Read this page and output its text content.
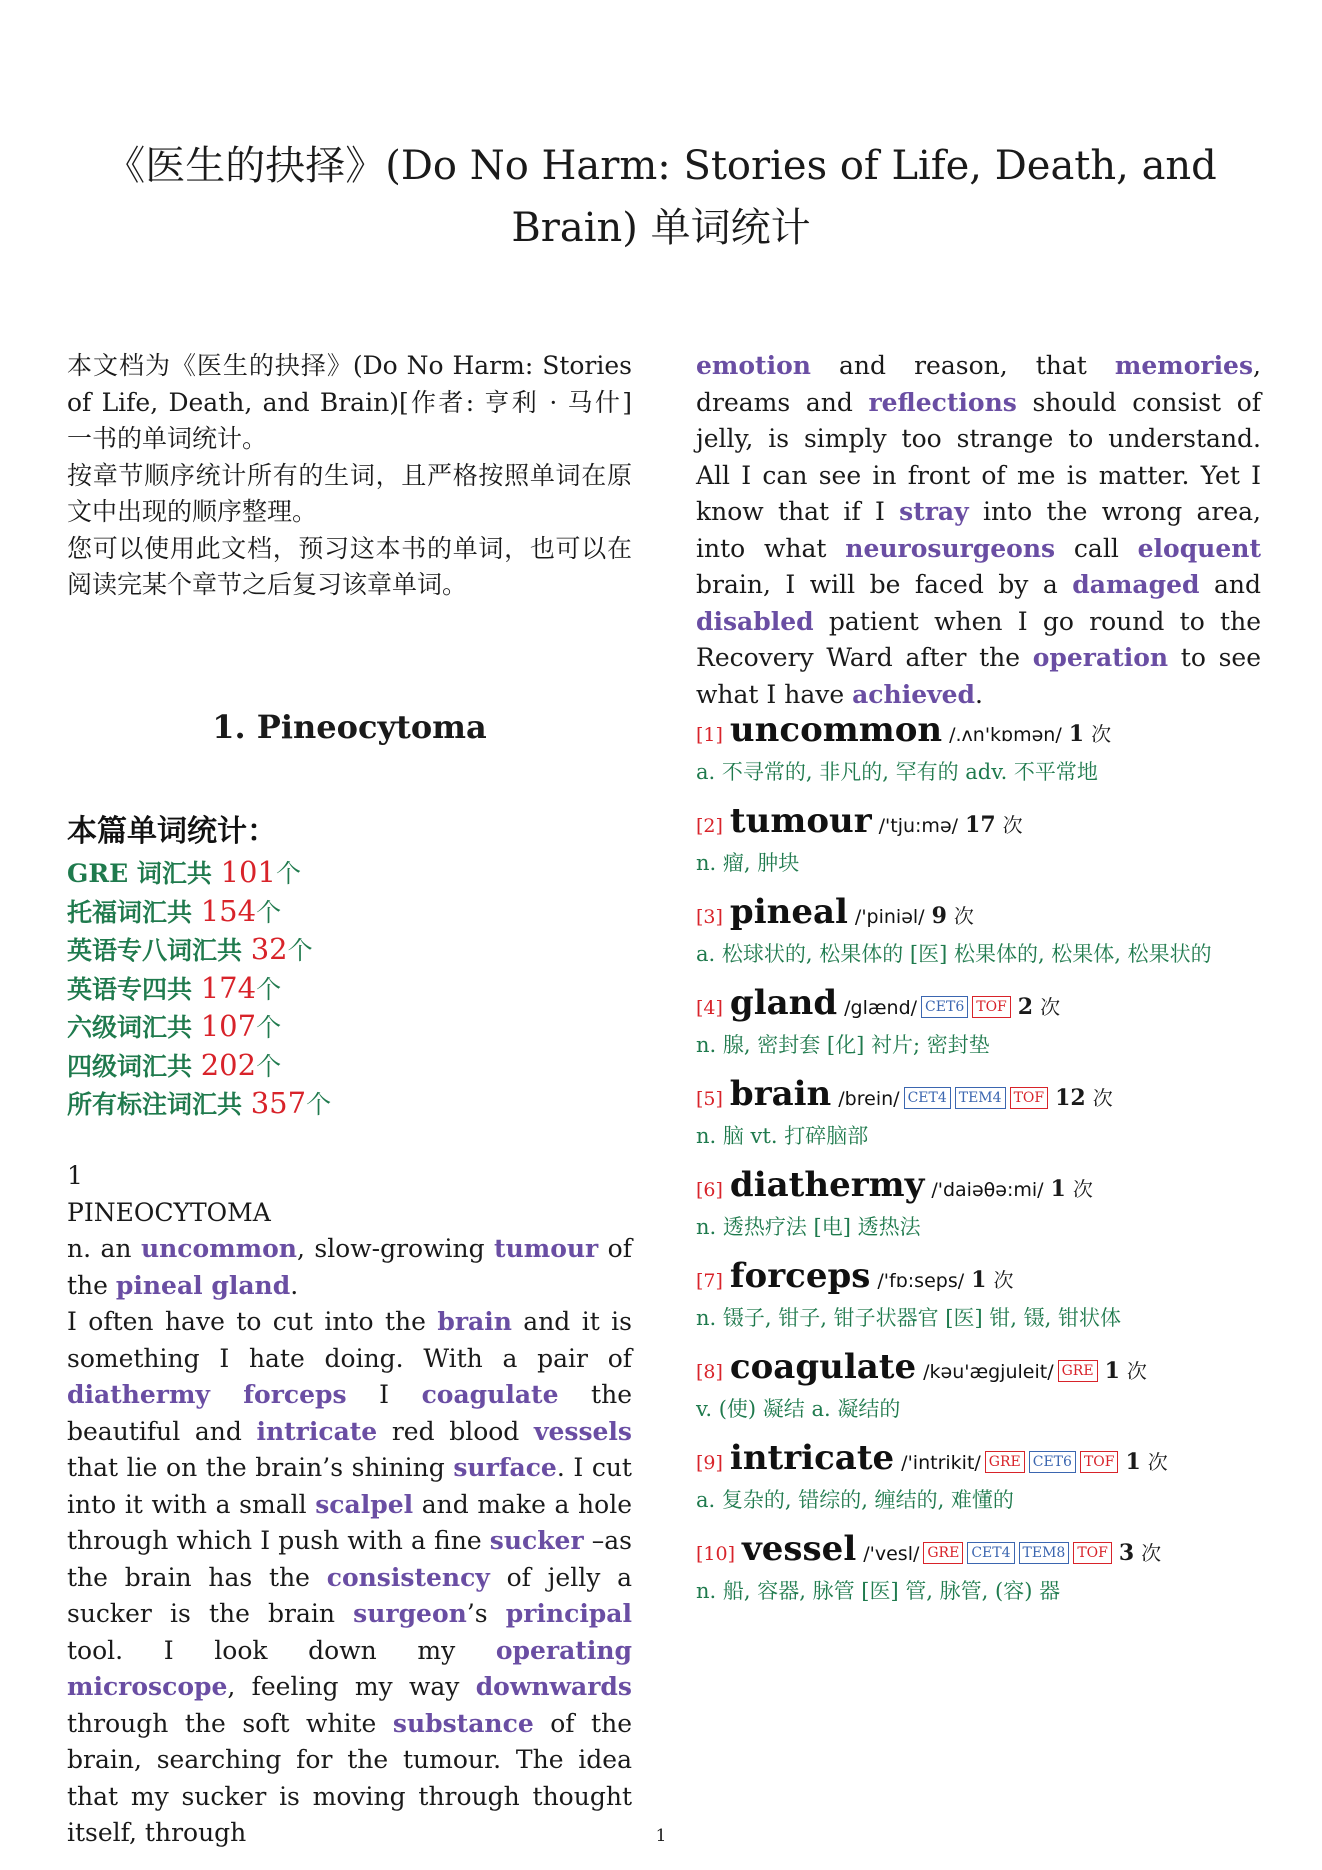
《医生的抉择》(Do No Harm: Stories of Life, Death, and Brain) 单词统计

本文档为《医生的抉择》(Do No Harm: Stories of Life, Death, and Brain)[作者: 亨利 · 马什] 一书的单词统计。

按章节顺序统计所有的生词，且严格按照单词在原文中出现的顺序整理。

您可以使用此文档，预习这本书的单词，也可以在阅读完某个章节之后复习该章单词。

1. Pineocytoma
本篇单词统计：
GRE 词汇共 101个
托福词汇共 154个
英语专八词汇共 32个
英语专四共 174个
六级词汇共 107个
四级词汇共 202个
所有标注词汇共 357个

1

PINEOCYTOMA

n. an uncommon, slow-growing tumour of the pineal gland.
I often have to cut into the brain and it is something I hate doing. With a pair of diathermy forceps I coagulate the beautiful and intricate red blood vessels that lie on the brain’s shining surface. I cut into it with a small scalpel and make a hole through which I push with a fine sucker –as the brain has the consistency of jelly a sucker is the brain surgeon’s principal tool. I look down my operating microscope, feeling my way downwards through the soft white substance of the brain, searching for the tumour. The idea that my sucker is moving through thought itself, through

emotion and reason, that memories, dreams and reflections should consist of jelly, is simply too strange to understand. All I can see in front of me is matter. Yet I know that if I stray into the wrong area, into what neurosurgeons call eloquent brain, I will be faced by a damaged and disabled patient when I go round to the Recovery Ward after the operation to see what I have achieved.

[1] uncommon /.ʌn'kɒmən/ 1 次
a. 不寻常的, 非凡的, 罕有的 adv. 不平常地
[2] tumour /'tju:mə/ 17 次
n. 瘤, 肿块
[3] pineal /'piniəl/ 9 次
a. 松球状的, 松果体的 [医] 松果体的, 松果体, 松果状的
[4] gland /glænd/ CET6 TOF 2 次
n. 腺, 密封套 [化] 衬片; 密封垫
[5] brain /brein/ CET4 TEM4 TOF 12 次
n. 脑 vt. 打碎脑部
[6] diathermy /'daiəθə:mi/ 1 次
n. 透热疗法 [电] 透热法
[7] forceps /'fɒ:seps/ 1 次
n. 镊子, 钳子, 钳子状器官 [医] 钳, 镊, 钳状体
[8] coagulate /kəu'ægjuleit/ GRE 1 次
v. (使) 凝结 a. 凝结的
[9] intricate /'intrikit/ GRE CET6 TOF 1 次
a. 复杂的, 错综的, 缠结的, 难懂的
[10] vessel /'vesl/ GRE CET4 TEM8 TOF 3 次
n. 船, 容器, 脉管 [医] 管, 脉管, (容) 器
1
